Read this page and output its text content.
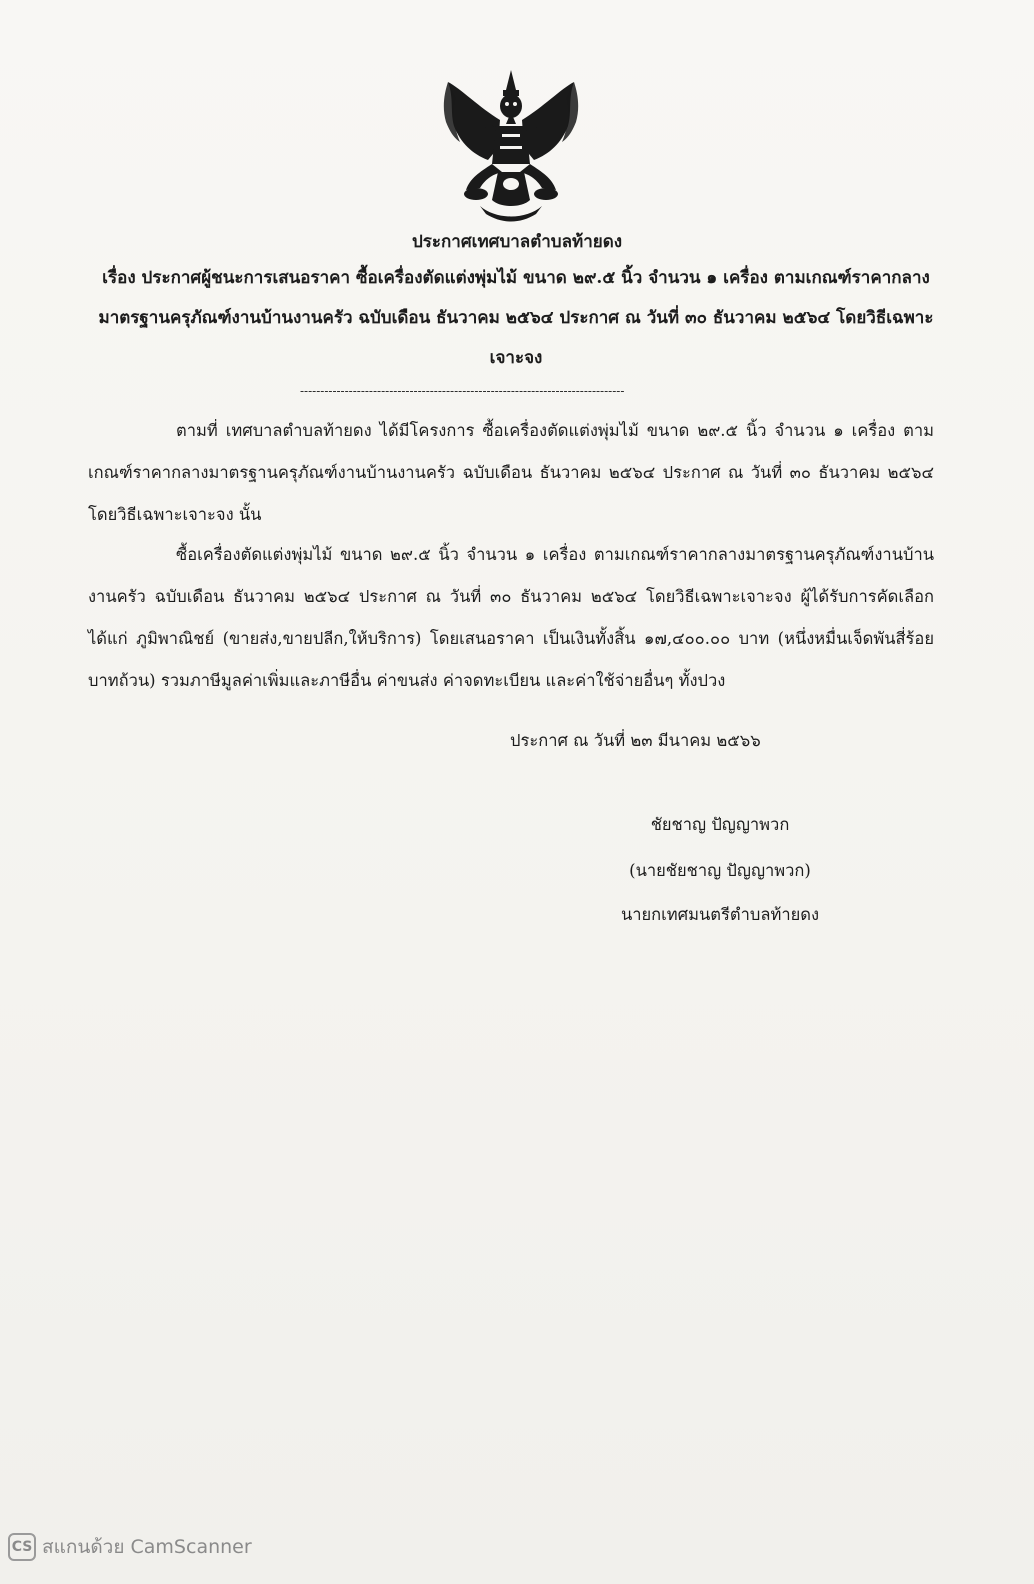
ประกาศเทศบาลตำบลท้ายดง

เรื่อง ประกาศผู้ชนะการเสนอราคา ซื้อเครื่องตัดแต่งพุ่มไม้ ขนาด ๒๙.๕ นิ้ว จำนวน ๑ เครื่อง ตามเกณฑ์ราคากลางมาตรฐานครุภัณฑ์งานบ้านงานครัว ฉบับเดือน ธันวาคม ๒๕๖๔ ประกาศ ณ วันที่ ๓๐ ธันวาคม ๒๕๖๔ โดยวิธีเฉพาะเจาะจง

--------------------------------------------------------------------------------

ตามที่ เทศบาลตำบลท้ายดง ได้มีโครงการ ซื้อเครื่องตัดแต่งพุ่มไม้ ขนาด ๒๙.๕ นิ้ว จำนวน ๑ เครื่อง ตามเกณฑ์ราคากลางมาตรฐานครุภัณฑ์งานบ้านงานครัว ฉบับเดือน ธันวาคม ๒๕๖๔ ประกาศ ณ วันที่ ๓๐ ธันวาคม ๒๕๖๔ โดยวิธีเฉพาะเจาะจง นั้น

ซื้อเครื่องตัดแต่งพุ่มไม้ ขนาด ๒๙.๕ นิ้ว จำนวน ๑ เครื่อง ตามเกณฑ์ราคากลางมาตรฐานครุภัณฑ์งานบ้านงานครัว ฉบับเดือน ธันวาคม ๒๕๖๔ ประกาศ ณ วันที่ ๓๐ ธันวาคม ๒๕๖๔ โดยวิธีเฉพาะเจาะจง ผู้ได้รับการคัดเลือก ได้แก่ ภูมิพาณิชย์ (ขายส่ง,ขายปลีก,ให้บริการ) โดยเสนอราคา เป็นเงินทั้งสิ้น ๑๗,๔๐๐.๐๐ บาท (หนึ่งหมื่นเจ็ดพันสี่ร้อยบาทถ้วน) รวมภาษีมูลค่าเพิ่มและภาษีอื่น ค่าขนส่ง ค่าจดทะเบียน และค่าใช้จ่ายอื่นๆ ทั้งปวง

ประกาศ ณ วันที่ ๒๓ มีนาคม ๒๕๖๖

ชัยชาญ ปัญญาพวก

(นายชัยชาญ ปัญญาพวก)

นายกเทศมนตรีตำบลท้ายดง

CS สแกนด้วย CamScanner
